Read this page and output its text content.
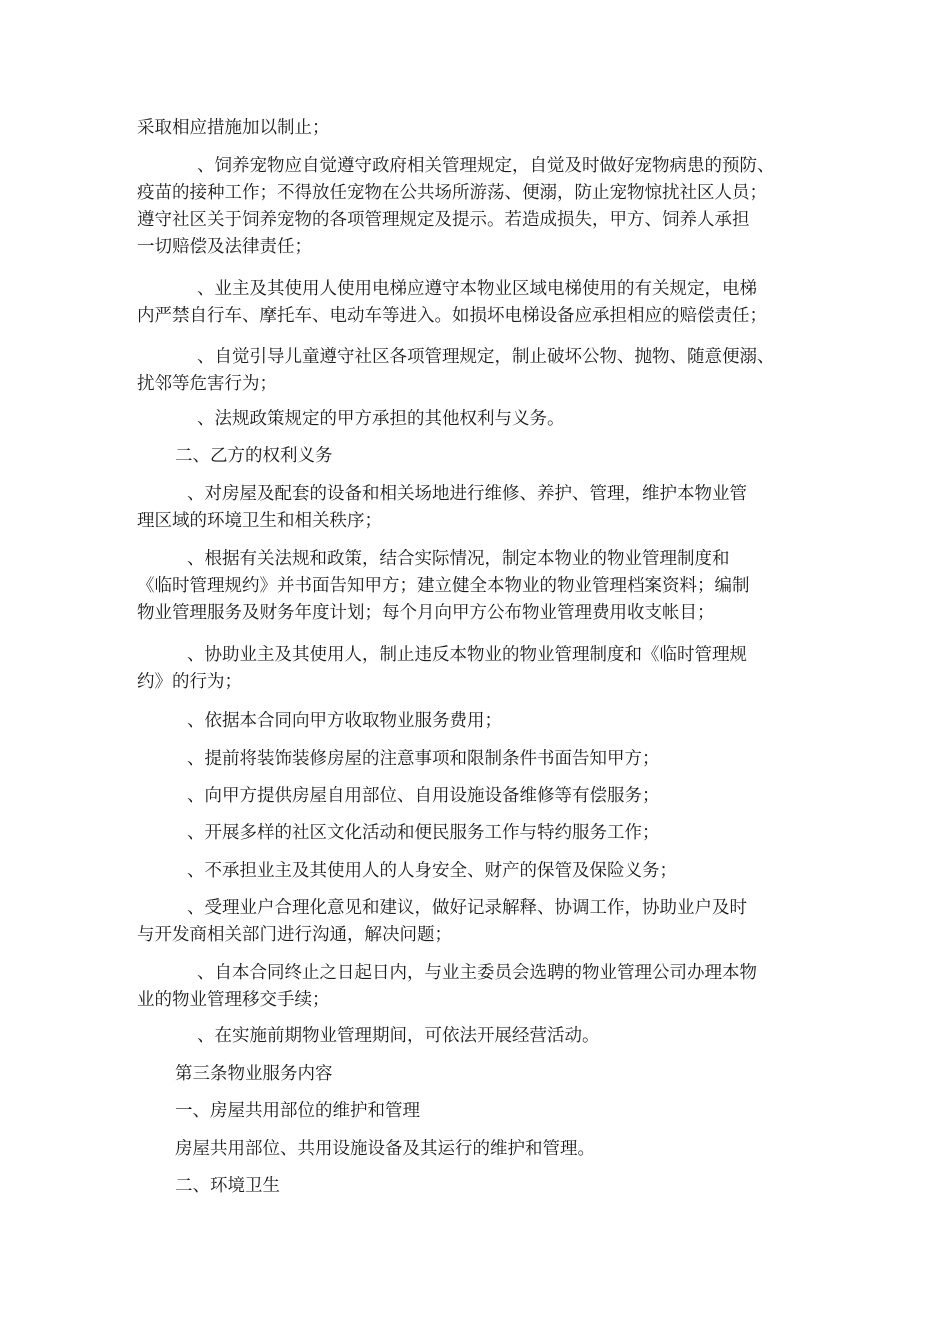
采取相应措施加以制止；
、饲养宠物应自觉遵守政府相关管理规定，自觉及时做好宠物病患的预防、
疫苗的接种工作；不得放任宠物在公共场所游荡、便溺，防止宠物惊扰社区人员；
遵守社区关于饲养宠物的各项管理规定及提示。若造成损失，甲方、饲养人承担
一切赔偿及法律责任；
、业主及其使用人使用电梯应遵守本物业区域电梯使用的有关规定，电梯
内严禁自行车、摩托车、电动车等进入。如损坏电梯设备应承担相应的赔偿责任；
、自觉引导儿童遵守社区各项管理规定，制止破坏公物、抛物、随意便溺、
扰邻等危害行为；
、法规政策规定的甲方承担的其他权利与义务。
二、乙方的权利义务
、对房屋及配套的设备和相关场地进行维修、养护、管理，维护本物业管
理区域的环境卫生和相关秩序；
、根据有关法规和政策，结合实际情况，制定本物业的物业管理制度和
《临时管理规约》并书面告知甲方；建立健全本物业的物业管理档案资料；编制
物业管理服务及财务年度计划；每个月向甲方公布物业管理费用收支帐目；
、协助业主及其使用人，制止违反本物业的物业管理制度和《临时管理规
约》的行为；
、依据本合同向甲方收取物业服务费用；
、提前将装饰装修房屋的注意事项和限制条件书面告知甲方；
、向甲方提供房屋自用部位、自用设施设备维修等有偿服务；
、开展多样的社区文化活动和便民服务工作与特约服务工作；
、不承担业主及其使用人的人身安全、财产的保管及保险义务；
、受理业户合理化意见和建议，做好记录解释、协调工作，协助业户及时
与开发商相关部门进行沟通，解决问题；
、自本合同终止之日起日内，与业主委员会选聘的物业管理公司办理本物
业的物业管理移交手续；
、在实施前期物业管理期间，可依法开展经营活动。
第三条物业服务内容
一、房屋共用部位的维护和管理
房屋共用部位、共用设施设备及其运行的维护和管理。
二、环境卫生
